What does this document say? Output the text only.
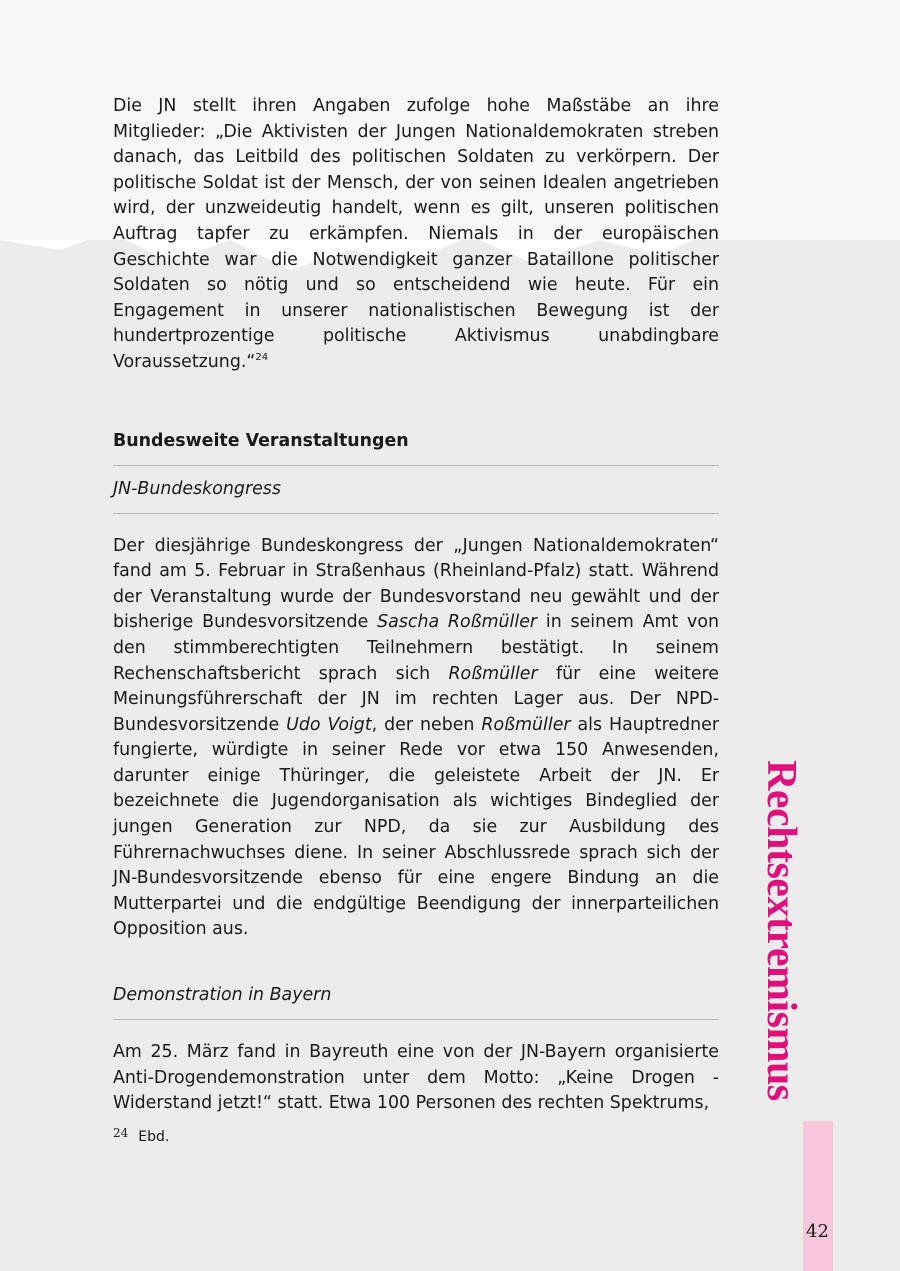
Die JN stellt ihren Angaben zufolge hohe Maßstäbe an ihre Mitglieder: „Die Aktivisten der Jungen Nationaldemokraten streben danach, das Leitbild des politischen Soldaten zu verkörpern. Der politische Soldat ist der Mensch, der von seinen Idealen angetrieben wird, der unzweideutig handelt, wenn es gilt, unseren politischen Auftrag tapfer zu erkämpfen. Niemals in der europäischen Geschichte war die Notwendigkeit ganzer Bataillone politischer Soldaten so nötig und so entscheidend wie heute. Für ein Engagement in unserer nationalistischen Bewegung ist der hundertprozentige politische Aktivismus unabdingbare Voraussetzung.“$^{24}$

Bundesweite Veranstaltungen
JN-Bundeskongress

Der diesjährige Bundeskongress der „Jungen Nationaldemokraten“ fand am 5. Februar in Straßenhaus (Rheinland-Pfalz) statt. Während der Veranstaltung wurde der Bundesvorstand neu gewählt und der bisherige Bundesvorsitzende Sascha Roßmüller in seinem Amt von den stimmberechtigten Teilnehmern bestätigt. In seinem Rechenschaftsbericht sprach sich Roßmüller für eine weitere Meinungsführerschaft der JN im rechten Lager aus. Der NPD-Bundesvorsitzende Udo Voigt, der neben Roßmüller als Hauptredner fungierte, würdigte in seiner Rede vor etwa 150 Anwesenden, darunter einige Thüringer, die geleistete Arbeit der JN. Er bezeichnete die Jugendorganisation als wichtiges Bindeglied der jungen Generation zur NPD, da sie zur Ausbildung des Führernachwuchses diene. In seiner Abschlussrede sprach sich der JN-Bundesvorsitzende ebenso für eine engere Bindung an die Mutterpartei und die endgültige Beendigung der innerparteilichen Opposition aus.

Demonstration in Bayern

Am 25. März fand in Bayreuth eine von der JN-Bayern organisierte Anti-Drogendemonstration unter dem Motto: „Keine Drogen - Widerstand jetzt!“ statt. Etwa 100 Personen des rechten Spektrums,

24 Ebd.
Rechtsextremismus
42
